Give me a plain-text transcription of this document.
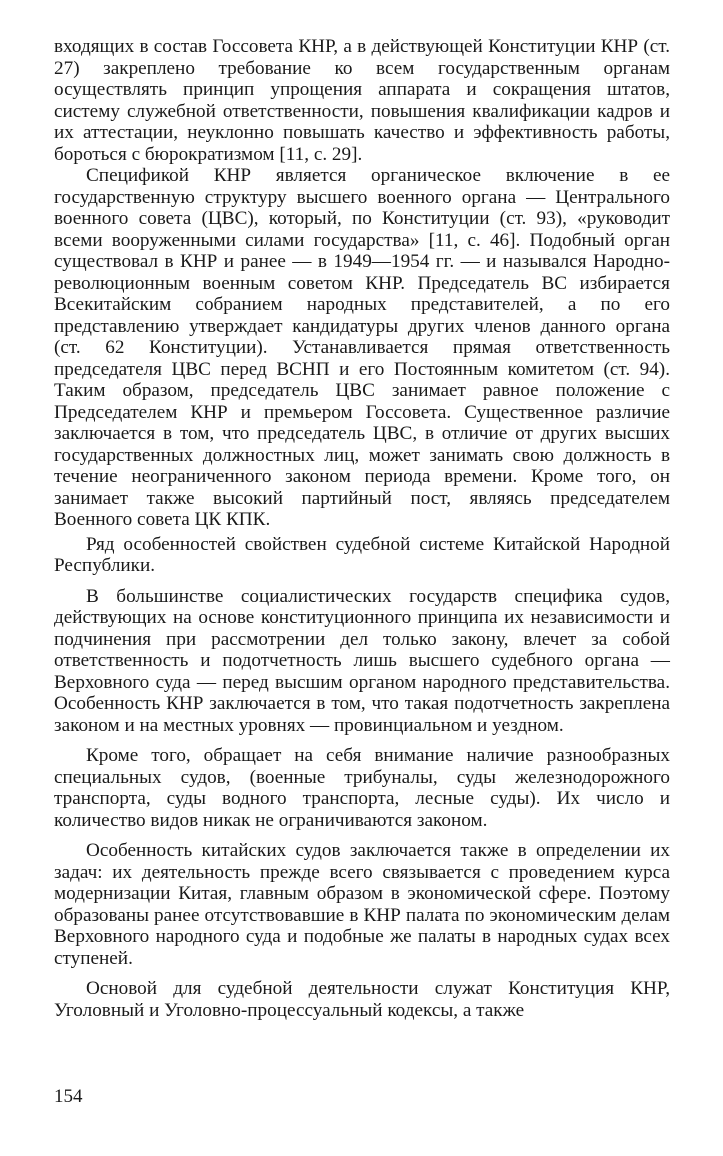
входящих в состав Госсовета КНР, а в действующей Конституции КНР (ст. 27) закреплено требование ко всем государственным органам осуществлять принцип упрощения аппарата и сокращения штатов, систему служебной ответственности, повышения квалификации кадров и их аттестации, неуклонно повышать качество и эффективность работы, бороться с бюрократизмом [11, с. 29].

Спецификой КНР является органическое включение в ее государственную структуру высшего военного органа — Центрального военного совета (ЦВС), который, по Конституции (ст. 93), «руководит всеми вооруженными силами государства» [11, с. 46]. Подобный орган существовал в КНР и ранее — в 1949—1954 гг. — и назывался Народно-революционным военным советом КНР. Председатель ВС избирается Всекитайским собранием народных представителей, а по его представлению утверждает кандидатуры других членов данного органа (ст. 62 Конституции). Устанавливается прямая ответственность председателя ЦВС перед ВСНП и его Постоянным комитетом (ст. 94). Таким образом, председатель ЦВС занимает равное положение с Председателем КНР и премьером Госсовета. Существенное различие заключается в том, что председатель ЦВС, в отличие от других высших государственных должностных лиц, может занимать свою должность в течение неограниченного законом периода времени. Кроме того, он занимает также высокий партийный пост, являясь председателем Военного совета ЦК КПК.

Ряд особенностей свойствен судебной системе Китайской Народной Республики.

В большинстве социалистических государств специфика судов, действующих на основе конституционного принципа их независимости и подчинения при рассмотрении дел только закону, влечет за собой ответственность и подотчетность лишь высшего судебного органа — Верховного суда — перед высшим органом народного представительства. Особенность КНР заключается в том, что такая подотчетность закреплена законом и на местных уровнях — провинциальном и уездном.

Кроме того, обращает на себя внимание наличие разнообразных специальных судов, (военные трибуналы, суды железнодорожного транспорта, суды водного транспорта, лесные суды). Их число и количество видов никак не ограничиваются законом.

Особенность китайских судов заключается также в определении их задач: их деятельность прежде всего связывается с проведением курса модернизации Китая, главным образом в экономической сфере. Поэтому образованы ранее отсутствовавшие в КНР палата по экономическим делам Верховного народного суда и подобные же палаты в народных судах всех ступеней.

Основой для судебной деятельности служат Конституция КНР, Уголовный и Уголовно-процессуальный кодексы, а также

154
